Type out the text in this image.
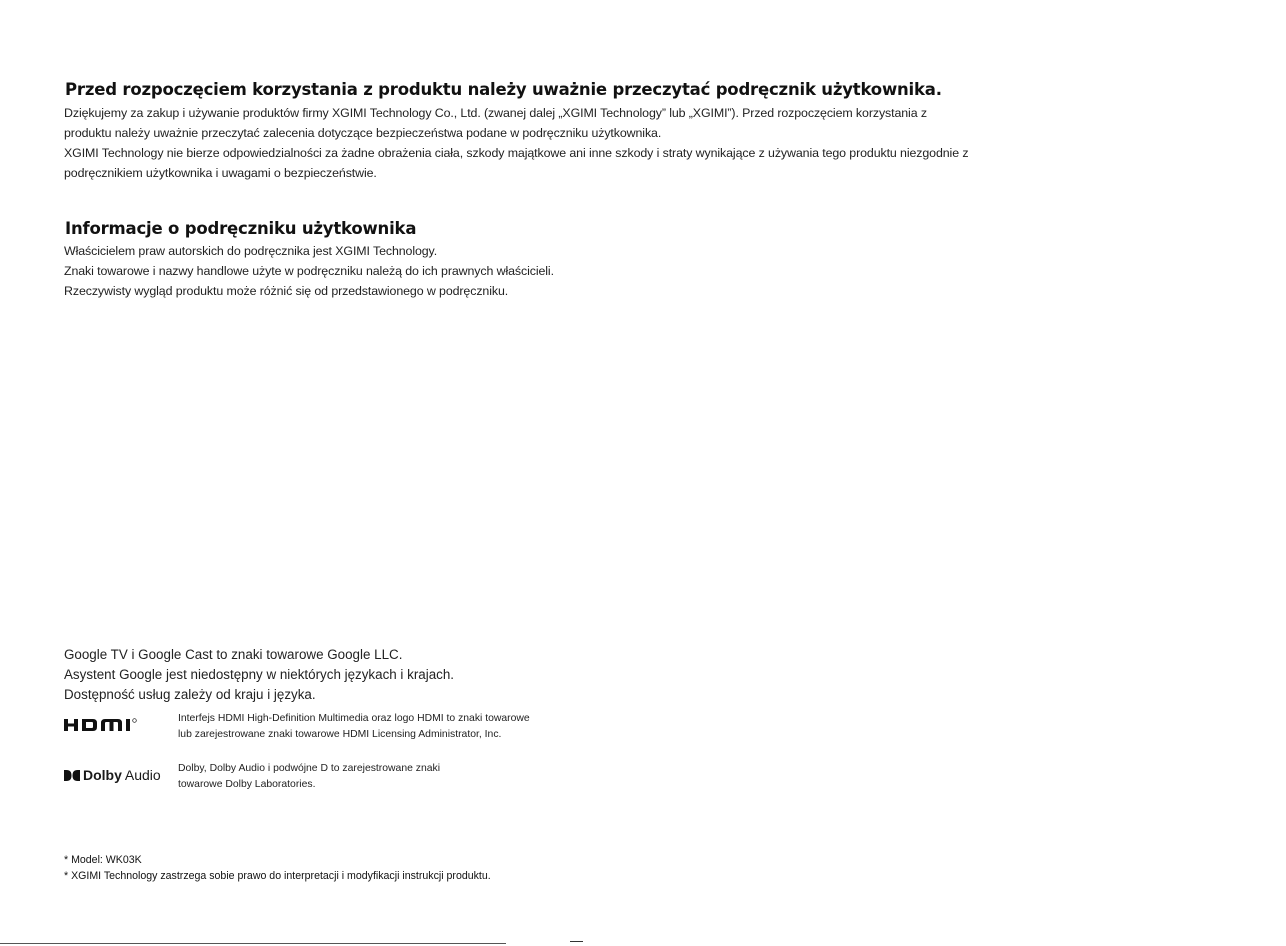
Przed rozpoczęciem korzystania z produktu należy uważnie przeczytać podręcznik użytkownika.

Dziękujemy za zakup i używanie produktów firmy XGIMI Technology Co., Ltd. (zwanej dalej „XGIMI Technology” lub „XGIMI”). Przed rozpoczęciem korzystania z produktu należy uważnie przeczytać zalecenia dotyczące bezpieczeństwa podane w podręczniku użytkownika.

XGIMI Technology nie bierze odpowiedzialności za żadne obrażenia ciała, szkody majątkowe ani inne szkody i straty wynikające z używania tego produktu niezgodnie z podręcznikiem użytkownika i uwagami o bezpieczeństwie.

Informacje o podręczniku użytkownika

Właścicielem praw autorskich do podręcznika jest XGIMI Technology.

Znaki towarowe i nazwy handlowe użyte w podręczniku należą do ich prawnych właścicieli.

Rzeczywisty wygląd produktu może różnić się od przedstawionego w podręczniku.

Google TV i Google Cast to znaki towarowe Google LLC.

Asystent Google jest niedostępny w niektórych językach i krajach.

Dostępność usług zależy od kraju i języka.

Interfejs HDMI High-Definition Multimedia oraz logo HDMI to znaki towarowe lub zarejestrowane znaki towarowe HDMI Licensing Administrator, Inc.
Dolby Audio Dolby, Dolby Audio i podwójne D to zarejestrowane znaki towarowe Dolby Laboratories.

* Model: WK03K

* XGIMI Technology zastrzega sobie prawo do interpretacji i modyfikacji instrukcji produktu.
